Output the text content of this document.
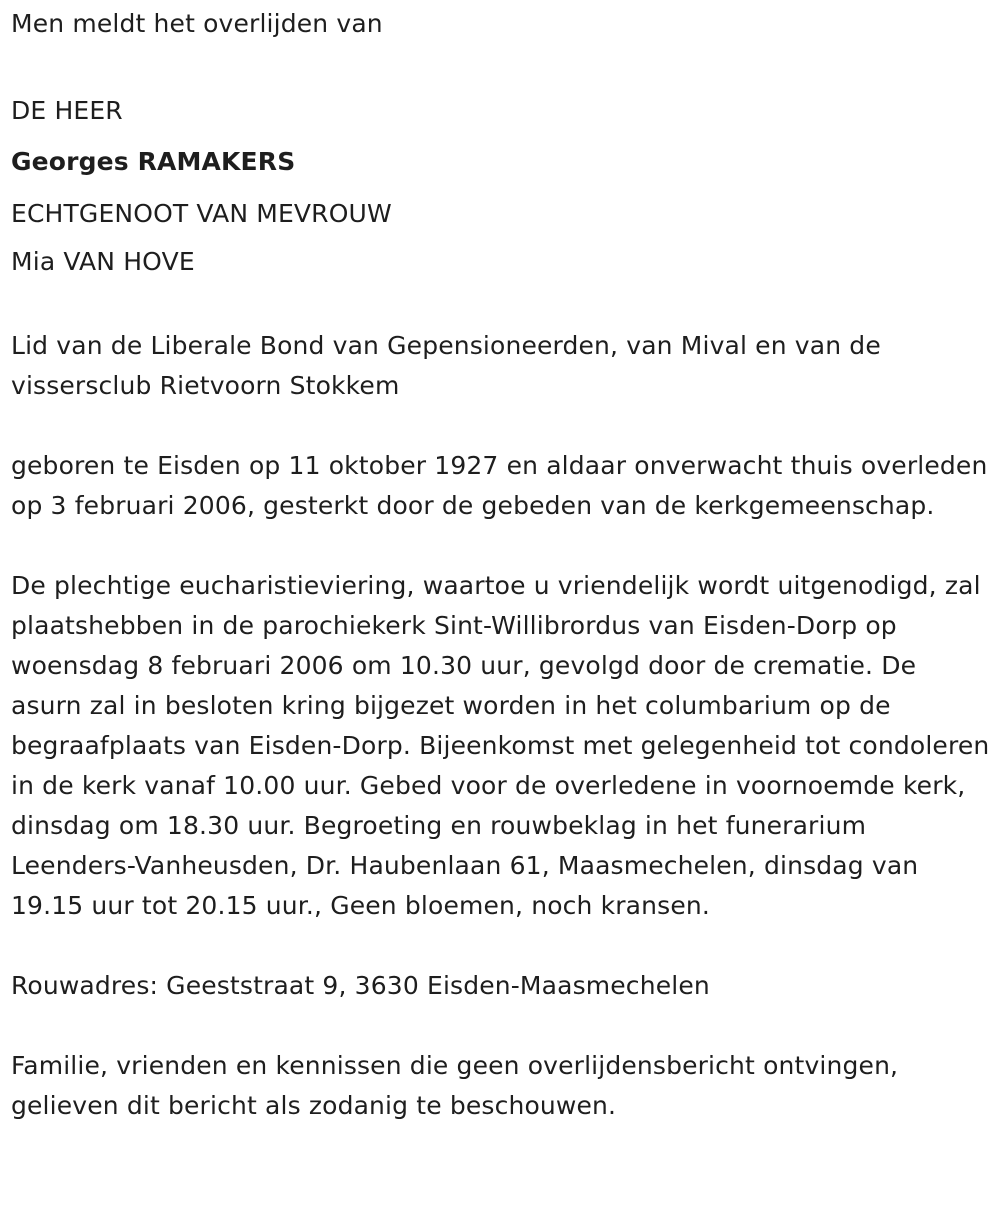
Men meldt het overlijden van

DE HEER

Georges RAMAKERS

ECHTGENOOT VAN MEVROUW

Mia VAN HOVE

Lid van de Liberale Bond van Gepensioneerden, van Mival en van de vissersclub Rietvoorn Stokkem

geboren te Eisden op 11 oktober 1927 en aldaar onverwacht thuis overleden op 3 februari 2006, gesterkt door de gebeden van de kerkgemeenschap.

De plechtige eucharistieviering, waartoe u vriendelijk wordt uitgenodigd, zal plaatshebben in de parochiekerk Sint-Willibrordus van Eisden-Dorp op woensdag 8 februari 2006 om 10.30 uur, gevolgd door de crematie. De asurn zal in besloten kring bijgezet worden in het columbarium op de begraafplaats van Eisden-Dorp. Bijeenkomst met gelegenheid tot condoleren in de kerk vanaf 10.00 uur. Gebed voor de overledene in voornoemde kerk, dinsdag om 18.30 uur. Begroeting en rouwbeklag in het funerarium Leenders-Vanheusden, Dr. Haubenlaan 61, Maasmechelen, dinsdag van 19.15 uur tot 20.15 uur., Geen bloemen, noch kransen.

Rouwadres: Geeststraat 9, 3630 Eisden-Maasmechelen

Familie, vrienden en kennissen die geen overlijdensbericht ontvingen, gelieven dit bericht als zodanig te beschouwen.
